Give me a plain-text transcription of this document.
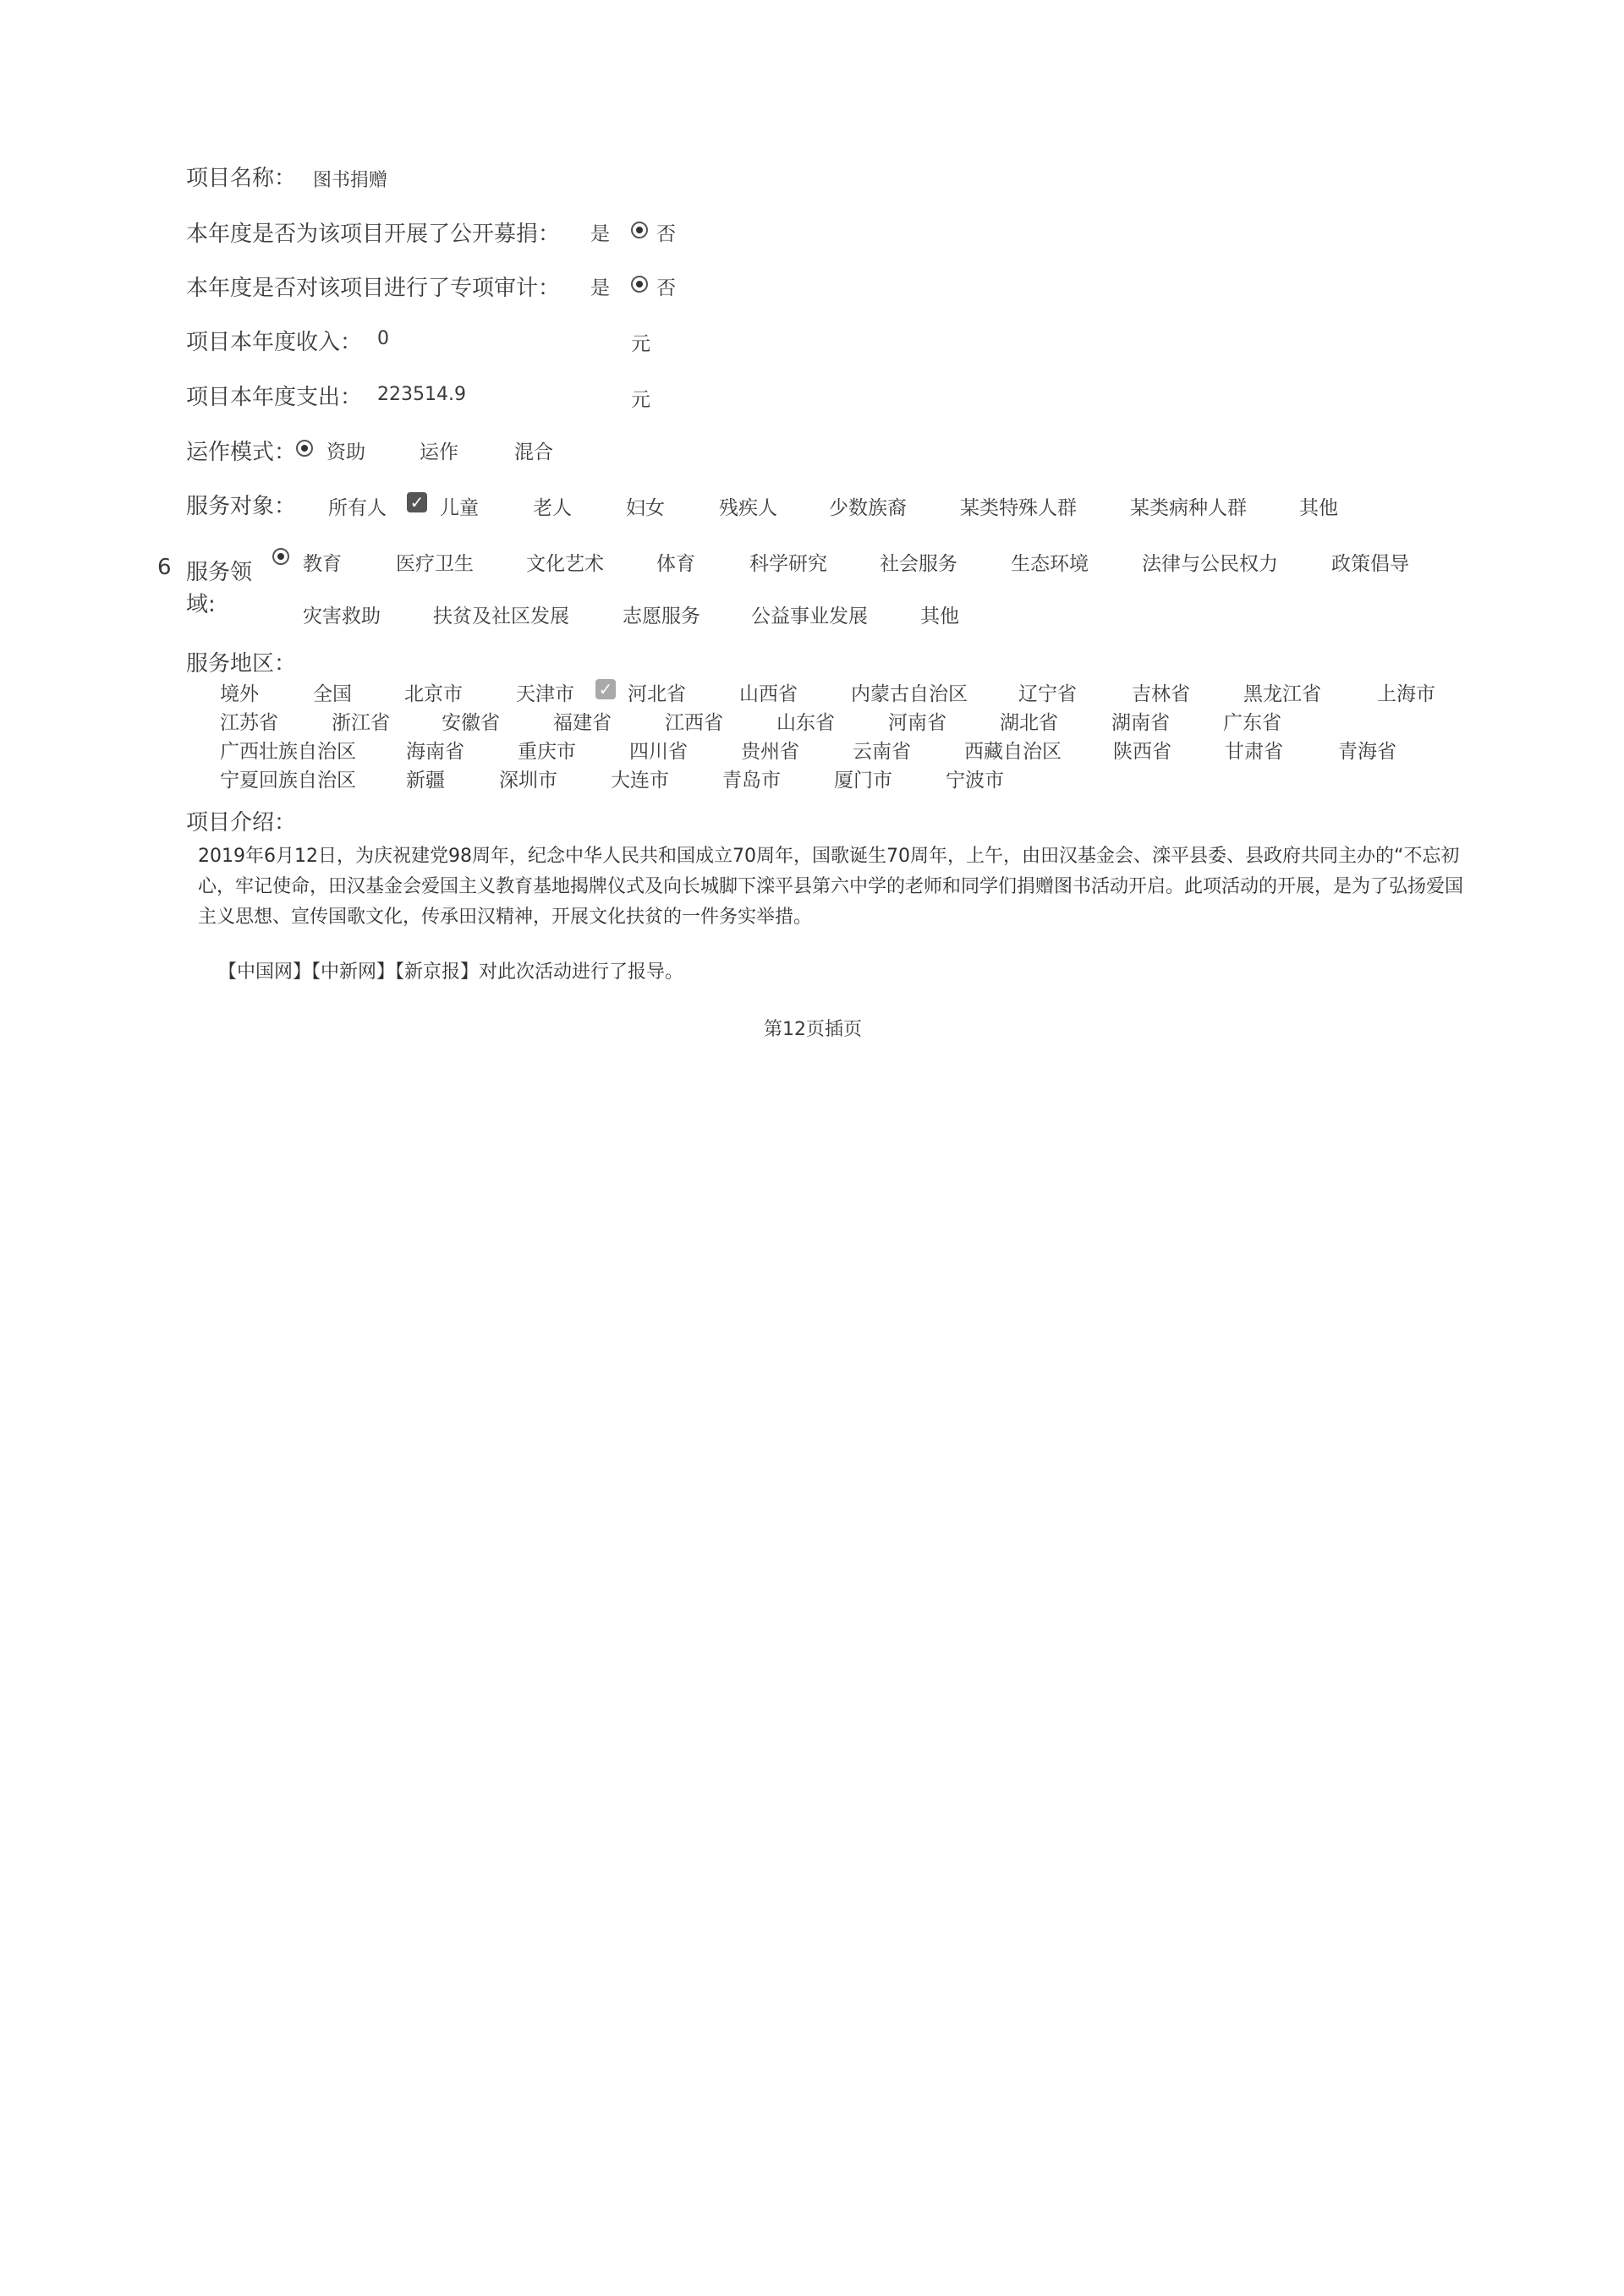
项目名称： 图书捐赠
本年度是否为该项目开展了公开募捐： 是 否
本年度是否对该项目进行了专项审计： 是 否
项目本年度收入： 0	元
项目本年度支出： 223514.9	元
运作模式： 资助	运作	混合
服务对象： 所有人 ✓ 儿童	老人	妇女	残疾人	少数族裔	某类特殊人群	某类病种人群	其他
6 服务领
域:
教育	医疗卫生	文化艺术	体育	科学研究	社会服务	生态环境	法律与公民权力	政策倡导
灾害救助	扶贫及社区发展	志愿服务	公益事业发展	其他
服务地区：
境外	全国	北京市	天津市 ✓ 河北省	山西省	内蒙古自治区	辽宁省	吉林省	黑龙江省	上海市
江苏省	浙江省	安徽省	福建省	江西省	山东省	河南省	湖北省	湖南省	广东省
广西壮族自治区	海南省	重庆市	四川省	贵州省	云南省	西藏自治区	陕西省	甘肃省	青海省
宁夏回族自治区	新疆	深圳市	大连市	青岛市	厦门市	宁波市
项目介绍：
2019年6月12日，为庆祝建党98周年，纪念中华人民共和国成立70周年，国歌诞生70周年，上午，由田汉基金会、滦平县委、县政府共同主办的“不忘初心，牢记使命，田汉基金会爱国主义教育基地揭牌仪式及向长城脚下滦平县第六中学的老师和同学们捐赠图书活动开启。此项活动的开展，是为了弘扬爱国主义思想、宣传国歌文化，传承田汉精神，开展文化扶贫的一件务实举措。
【中国网】【中新网】【新京报】对此次活动进行了报导。
第12页插页
